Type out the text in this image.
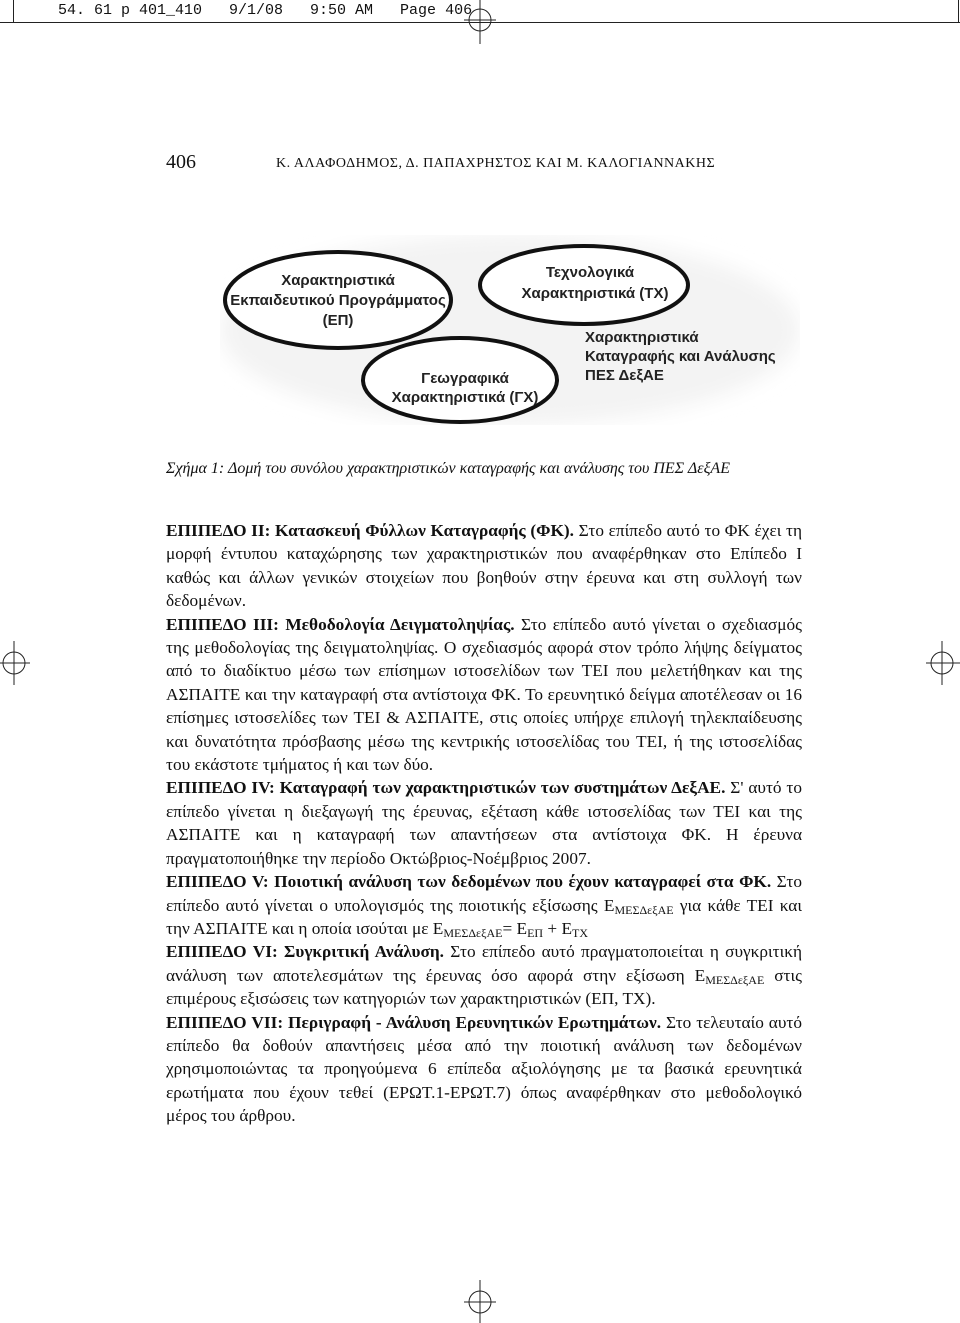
54. 61 p 401_410   9/1/08   9:50 AM   Page 406
406	Κ. ΑΛΑΦΟΔΗΜΟΣ, Δ. ΠΑΠΑΧΡΗΣΤΟΣ ΚΑΙ Μ. ΚΑΛΟΓΙΑΝΝΑΚΗΣ
Χαρακτηριστικά
Εκπαιδευτικού Προγράμματος
(ΕΠ)
Τεχνολογικά
Χαρακτηριστικά (ΤΧ)
Γεωγραφικά
Χαρακτηριστικά (ΓΧ)
Χαρακτηριστικά
Καταγραφής και Ανάλυσης
ΠΕΣ ΔεξΑΕ
Σχήμα 1: Δομή του συνόλου χαρακτηριστικών καταγραφής και ανάλυσης του ΠΕΣ ΔεξΑΕ

ΕΠΙΠΕΔΟ ΙΙ: Κατασκευή Φύλλων Καταγραφής (ΦΚ). Στο επίπεδο αυτό το ΦΚ έχει τη μορφή έντυπου καταχώρησης των χαρακτηριστικών που αναφέρθηκαν στο Επίπεδο Ι καθώς και άλλων γενικών στοιχείων που βοηθούν στην έρευνα και στη συλλογή των δεδομένων.

ΕΠΙΠΕΔΟ ΙΙΙ: Μεθοδολογία Δειγματοληψίας. Στο επίπεδο αυτό γίνεται ο σχεδιασμός της μεθοδολογίας της δειγματοληψίας. Ο σχεδιασμός αφορά στον τρόπο λήψης δείγματος από το διαδίκτυο μέσω των επίσημων ιστοσελίδων των ΤΕΙ που μελετήθηκαν και της ΑΣΠΑΙΤΕ και την καταγραφή στα αντίστοιχα ΦΚ. Το ερευνητικό δείγμα αποτέλεσαν οι 16 επίσημες ιστοσελίδες των ΤΕΙ & ΑΣΠΑΙΤΕ, στις οποίες υπήρχε επιλογή τηλεκπαίδευσης και δυνατότητα πρόσβασης μέσω της κεντρικής ιστοσελίδας του ΤΕΙ, ή της ιστοσελίδας του εκάστοτε τμήματος ή και των δύο.

ΕΠΙΠΕΔΟ IV: Καταγραφή των χαρακτηριστικών των συστημάτων ΔεξΑΕ. Σ' αυτό το επίπεδο γίνεται η διεξαγωγή της έρευνας, εξέταση κάθε ιστοσελίδας των ΤΕΙ και της ΑΣΠΑΙΤΕ και η καταγραφή των απαντήσεων στα αντίστοιχα ΦΚ. Η έρευνα πραγματοποιήθηκε την περίοδο Οκτώβριος-Νοέμβριος 2007.

ΕΠΙΠΕΔΟ V: Ποιοτική ανάλυση των δεδομένων που έχουν καταγραφεί στα ΦΚ. Στο επίπεδο αυτό γίνεται ο υπολογισμός της ποιοτικής εξίσωσης $E_{ME\Sigma\Delta\varepsilon\xi AE}$ για κάθε ΤΕΙ και την ΑΣΠΑΙΤΕ και η οποία ισούται με $E_{ME\Sigma\Delta\varepsilon\xi AE}= E_{E\Pi} + E_{TX}$

ΕΠΙΠΕΔΟ VI: Συγκριτική Ανάλυση. Στο επίπεδο αυτό πραγματοποιείται η συγκριτική ανάλυση των αποτελεσμάτων της έρευνας όσο αφορά στην εξίσωση $E_{ME\Sigma\Delta\varepsilon\xi AE}$ στις επιμέρους εξισώσεις των κατηγοριών των χαρακτηριστικών (ΕΠ, ΤΧ).

ΕΠΙΠΕΔΟ VII: Περιγραφή - Ανάλυση Ερευνητικών Ερωτημάτων. Στο τελευταίο αυτό επίπεδο θα δοθούν απαντήσεις μέσα από την ποιοτική ανάλυση των δεδομένων χρησιμοποιώντας τα προηγούμενα 6 επίπεδα αξιολόγησης με τα βασικά ερευνητικά ερωτήματα που έχουν τεθεί (ΕΡΩΤ.1-ΕΡΩΤ.7) όπως αναφέρθηκαν στο μεθοδολογικό μέρος του άρθρου.
